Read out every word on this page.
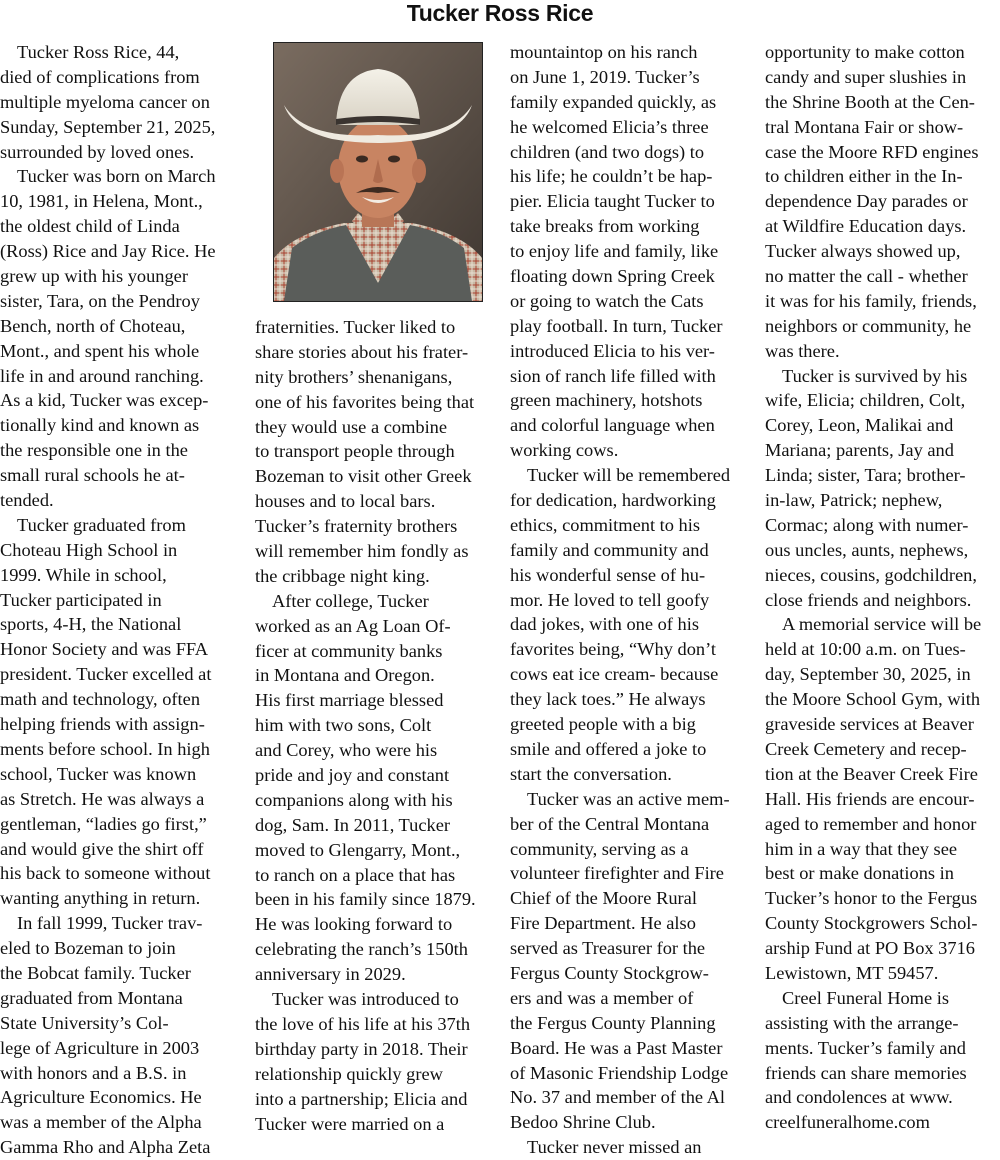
Tucker Ross Rice
Tucker Ross Rice, 44,
died of complications from
multiple myeloma cancer on
Sunday, September 21, 2025,
surrounded by loved ones.
Tucker was born on March
10, 1981, in Helena, Mont.,
the oldest child of Linda
(Ross) Rice and Jay Rice. He
grew up with his younger
sister, Tara, on the Pendroy
Bench, north of Choteau,
Mont., and spent his whole
life in and around ranching.
As a kid, Tucker was excep-
tionally kind and known as
the responsible one in the
small rural schools he at-
tended.
Tucker graduated from
Choteau High School in
1999. While in school,
Tucker participated in
sports, 4-H, the National
Honor Society and was FFA
president. Tucker excelled at
math and technology, often
helping friends with assign-
ments before school. In high
school, Tucker was known
as Stretch. He was always a
gentleman, “ladies go first,”
and would give the shirt off
his back to someone without
wanting anything in return.
In fall 1999, Tucker trav-
eled to Bozeman to join
the Bobcat family. Tucker
graduated from Montana
State University’s Col-
lege of Agriculture in 2003
with honors and a B.S. in
Agriculture Economics. He
was a member of the Alpha
Gamma Rho and Alpha Zeta
fraternities. Tucker liked to
share stories about his frater-
nity brothers’ shenanigans,
one of his favorites being that
they would use a combine
to transport people through
Bozeman to visit other Greek
houses and to local bars.
Tucker’s fraternity brothers
will remember him fondly as
the cribbage night king.
After college, Tucker
worked as an Ag Loan Of-
ficer at community banks
in Montana and Oregon.
His first marriage blessed
him with two sons, Colt
and Corey, who were his
pride and joy and constant
companions along with his
dog, Sam. In 2011, Tucker
moved to Glengarry, Mont.,
to ranch on a place that has
been in his family since 1879.
He was looking forward to
celebrating the ranch’s 150th
anniversary in 2029.
Tucker was introduced to
the love of his life at his 37th
birthday party in 2018. Their
relationship quickly grew
into a partnership; Elicia and
Tucker were married on a
mountaintop on his ranch
on June 1, 2019. Tucker’s
family expanded quickly, as
he welcomed Elicia’s three
children (and two dogs) to
his life; he couldn’t be hap-
pier. Elicia taught Tucker to
take breaks from working
to enjoy life and family, like
floating down Spring Creek
or going to watch the Cats
play football. In turn, Tucker
introduced Elicia to his ver-
sion of ranch life filled with
green machinery, hotshots
and colorful language when
working cows.
Tucker will be remembered
for dedication, hardworking
ethics, commitment to his
family and community and
his wonderful sense of hu-
mor. He loved to tell goofy
dad jokes, with one of his
favorites being, “Why don’t
cows eat ice cream- because
they lack toes.” He always
greeted people with a big
smile and offered a joke to
start the conversation.
Tucker was an active mem-
ber of the Central Montana
community, serving as a
volunteer firefighter and Fire
Chief of the Moore Rural
Fire Department. He also
served as Treasurer for the
Fergus County Stockgrow-
ers and was a member of
the Fergus County Planning
Board. He was a Past Master
of Masonic Friendship Lodge
No. 37 and member of the Al
Bedoo Shrine Club.
Tucker never missed an
opportunity to make cotton
candy and super slushies in
the Shrine Booth at the Cen-
tral Montana Fair or show-
case the Moore RFD engines
to children either in the In-
dependence Day parades or
at Wildfire Education days.
Tucker always showed up,
no matter the call - whether
it was for his family, friends,
neighbors or community, he
was there.
Tucker is survived by his
wife, Elicia; children, Colt,
Corey, Leon, Malikai and
Mariana; parents, Jay and
Linda; sister, Tara; brother-
in-law, Patrick; nephew,
Cormac; along with numer-
ous uncles, aunts, nephews,
nieces, cousins, godchildren,
close friends and neighbors.
A memorial service will be
held at 10:00 a.m. on Tues-
day, September 30, 2025, in
the Moore School Gym, with
graveside services at Beaver
Creek Cemetery and recep-
tion at the Beaver Creek Fire
Hall. His friends are encour-
aged to remember and honor
him in a way that they see
best or make donations in
Tucker’s honor to the Fergus
County Stockgrowers Schol-
arship Fund at PO Box 3716
Lewistown, MT 59457.
Creel Funeral Home is
assisting with the arrange-
ments. Tucker’s family and
friends can share memories
and condolences at www.
creelfuneralhome.com
